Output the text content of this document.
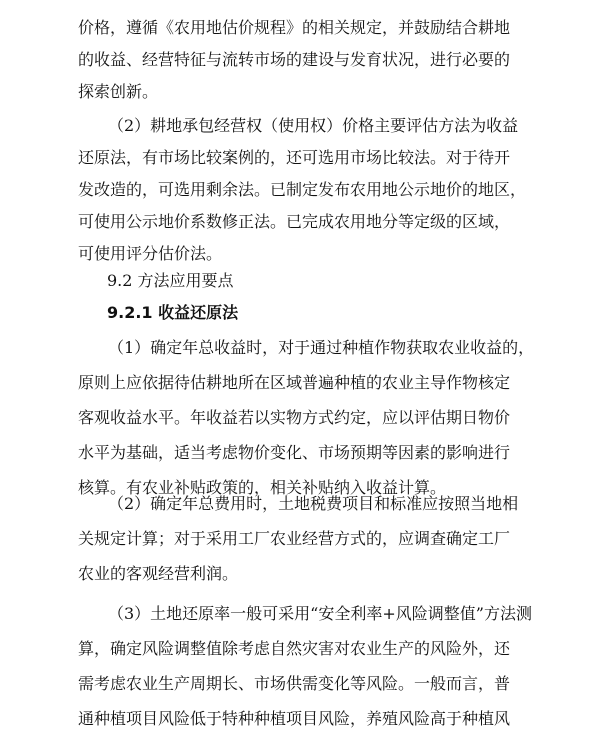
价格，遵循《农用地估价规程》的相关规定，并鼓励结合耕地
的收益、经营特征与流转市场的建设与发育状况，进行必要的
探索创新。
（2）耕地承包经营权（使用权）价格主要评估方法为收益
还原法，有市场比较案例的，还可选用市场比较法。对于待开
发改造的，可选用剩余法。已制定发布农用地公示地价的地区，
可使用公示地价系数修正法。已完成农用地分等定级的区域，
可使用评分估价法。
9.2 方法应用要点
9.2.1 收益还原法
（1）确定年总收益时，对于通过种植作物获取农业收益的，
原则上应依据待估耕地所在区域普遍种植的农业主导作物核定
客观收益水平。年收益若以实物方式约定，应以评估期日物价
水平为基础，适当考虑物价变化、市场预期等因素的影响进行
核算。有农业补贴政策的，相关补贴纳入收益计算。
（2）确定年总费用时，土地税费项目和标准应按照当地相
关规定计算；对于采用工厂农业经营方式的，应调查确定工厂
农业的客观经营利润。
（3）土地还原率一般可采用“安全利率+风险调整值”方法测
算，确定风险调整值除考虑自然灾害对农业生产的风险外，还
需考虑农业生产周期长、市场供需变化等风险。一般而言，普
通种植项目风险低于特种种植项目风险，养殖风险高于种植风
